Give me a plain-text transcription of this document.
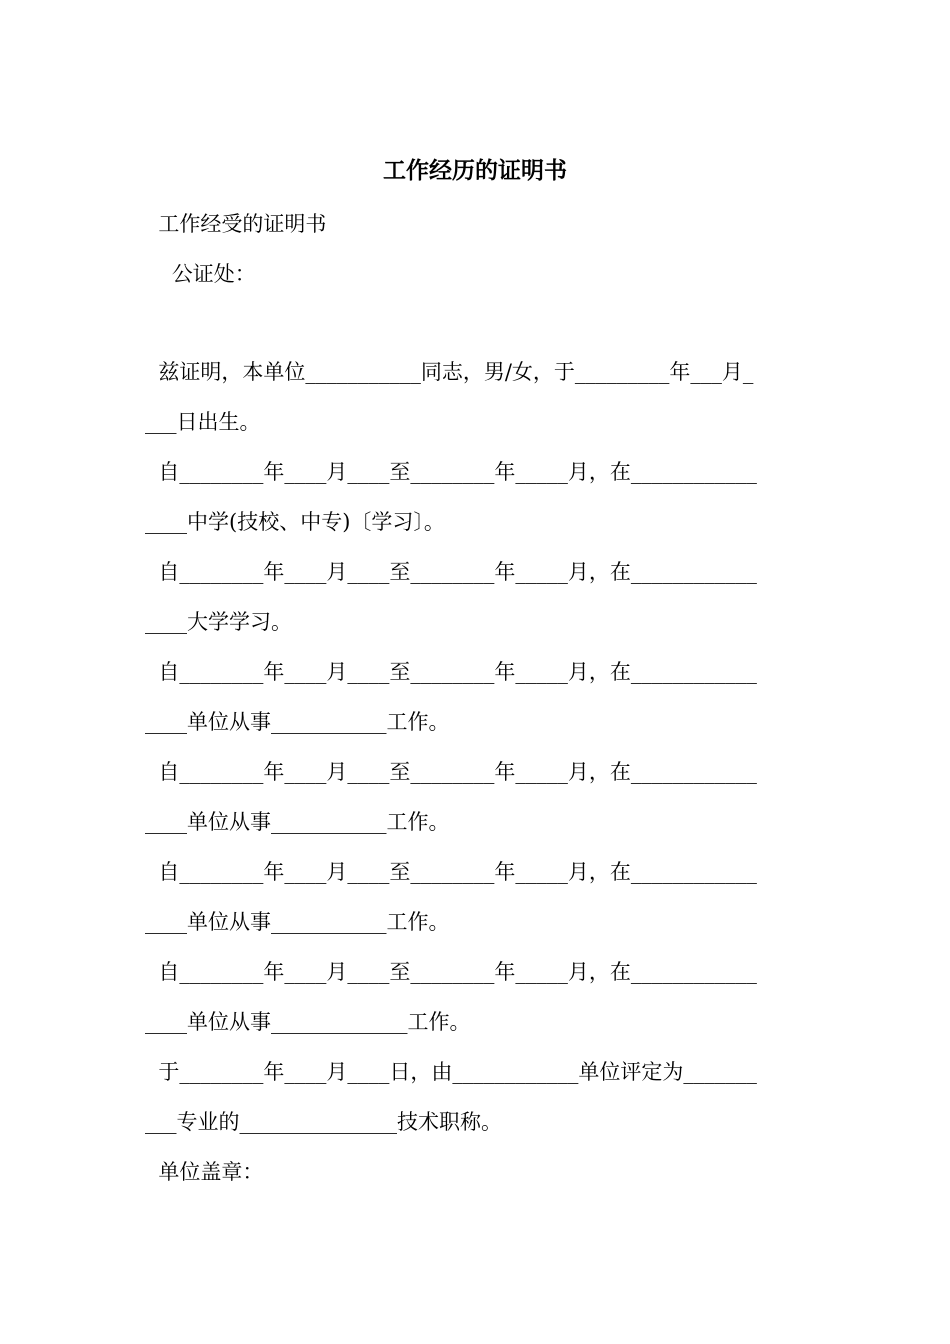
工作经历的证明书
工作经受的证明书
公证处：
兹证明，本单位___________同志，男/女，于_________年___月_
___日出生。
自________年____月____至________年_____月，在____________
____中学(技校、中专)〔学习〕。
自________年____月____至________年_____月，在____________
____大学学习。
自________年____月____至________年_____月，在____________
____单位从事___________工作。
自________年____月____至________年_____月，在____________
____单位从事___________工作。
自________年____月____至________年_____月，在____________
____单位从事___________工作。
自________年____月____至________年_____月，在____________
____单位从事_____________工作。
于________年____月____日，由____________单位评定为_______
___专业的_______________技术职称。
单位盖章：
